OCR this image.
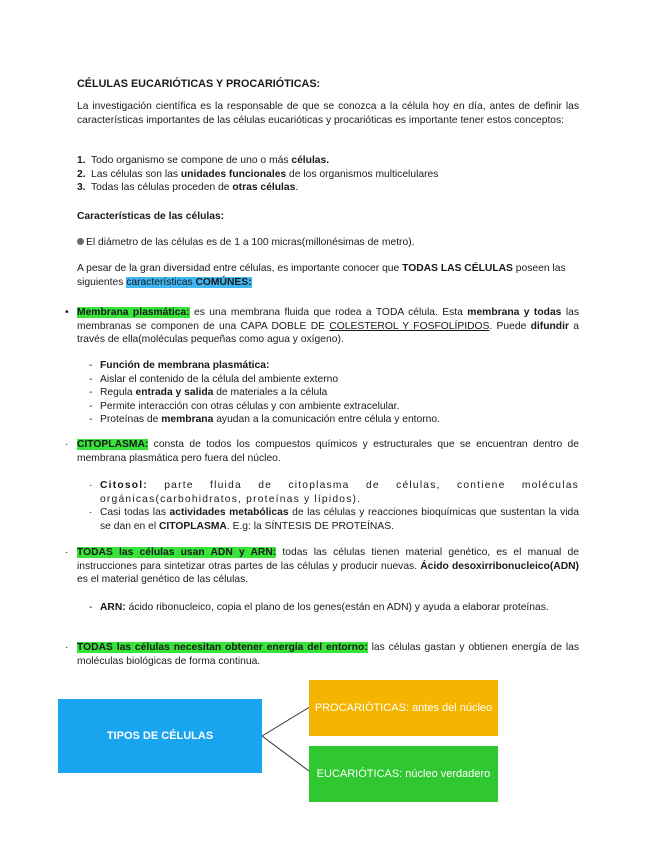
CÉLULAS EUCARIÓTICAS Y PROCARIÓTICAS:
La investigación científica es la responsable de que se conozca a la célula hoy en día, antes de definir las características importantes de las células eucarióticas y procarióticas es importante tener estos conceptos:
1. Todo organismo se compone de uno o más células.
2. Las células son las unidades funcionales de los organismos multicelulares
3. Todas las células proceden de otras células.
Características de las células:
El diámetro de las células es de 1 a 100 micras(millonésimas de metro).
A pesar de la gran diversidad entre células, es importante conocer que TODAS LAS CÉLULAS poseen las siguientes características COMÚNES:
• Membrana plasmática: es una membrana fluida que rodea a TODA célula. Esta membrana y todas las membranas se componen de una CAPA DOBLE DE COLESTEROL Y FOSFOLÍPIDOS. Puede difundir a través de ella(moléculas pequeñas como agua y oxígeno).
- Función de membrana plasmática:
- Aislar el contenido de la célula del ambiente externo
- Regula entrada y salida de materiales a la célula
- Permite interacción con otras células y con ambiente extracelular.
- Proteínas de membrana ayudan a la comunicación entre célula y entorno.
· CITOPLASMA: consta de todos los compuestos químicos y estructurales que se encuentran dentro de membrana plasmática pero fuera del núcleo.
· Citosol: parte fluida de citoplasma de células, contiene moléculas orgánicas(carbohidratos, proteínas y lípidos).
· Casi todas las actividades metabólicas de las células y reacciones bioquímicas que sustentan la vida se dan en el CITOPLASMA. E.g: la SÍNTESIS DE PROTEÍNAS.
· TODAS las células usan ADN y ARN: todas las células tienen material genético, es el manual de instrucciones para sintetizar otras partes de las células y producir nuevas. Ácido desoxirribonucleico(ADN) es el material genético de las células.
- ARN: ácido ribonucleico, copia el plano de los genes(están en ADN) y ayuda a elaborar proteínas.
· TODAS las células necesitan obtener energía del entorno: las células gastan y obtienen energía de las moléculas biológicas de forma continua.
TIPOS DE CÉLULAS
PROCARIÓTICAS: antes del núcleo
EUCARIÓTICAS: núcleo verdadero
